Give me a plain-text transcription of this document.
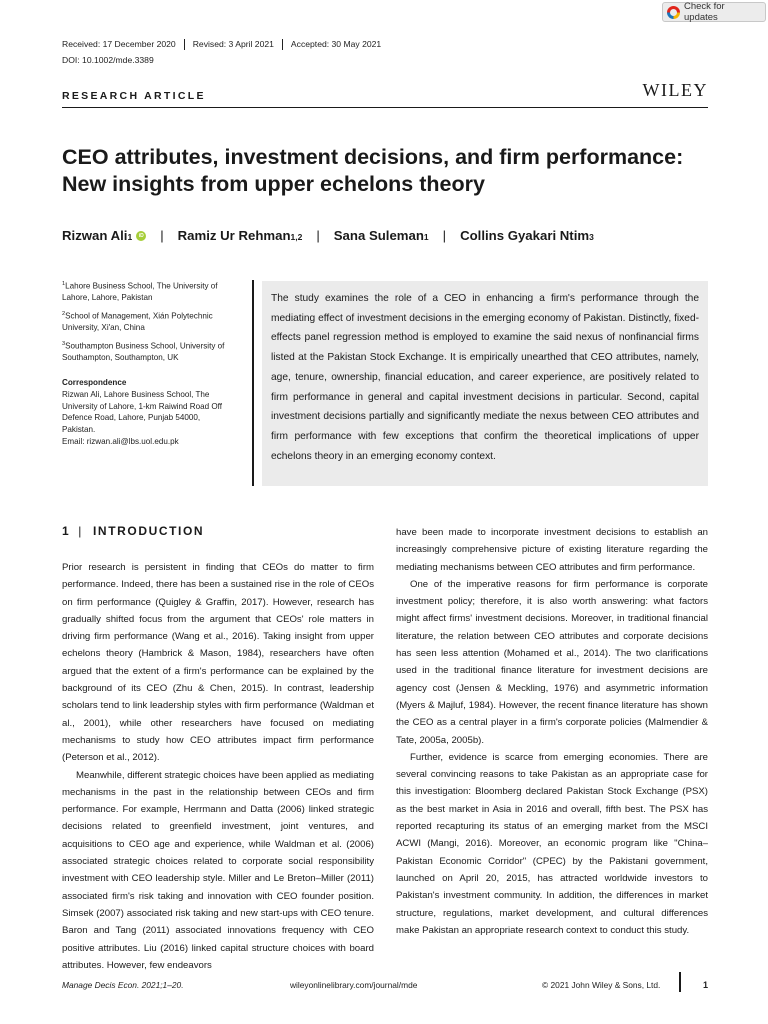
Check for updates
Received: 17 December 2020	Revised: 3 April 2021	Accepted: 30 May 2021
DOI: 10.1002/mde.3389
RESEARCH ARTICLE	WILEY
CEO attributes, investment decisions, and firm performance:
New insights from upper echelons theory
Rizwan Ali 1
iD | Ramiz Ur Rehman 1,2 | Sana Suleman 1 | Collins Gyakari Ntim 3
$^1$Lahore Business School, The University of Lahore, Lahore, Pakistan
$^2$School of Management, Xián Polytechnic University, Xi'an, China
$^3$Southampton Business School, University of Southampton, Southampton, UK
Correspondence
Rizwan Ali, Lahore Business School, The
University of Lahore, 1-km Raiwind Road Off
Defence Road, Lahore, Punjab 54000,
Pakistan.
Email: rizwan.ali@lbs.uol.edu.pk
The study examines the role of a CEO in enhancing a firm's performance through the mediating effect of investment decisions in the emerging economy of Pakistan. Distinctly, fixed-effects panel regression method is employed to examine the said nexus of nonfinancial firms listed at the Pakistan Stock Exchange. It is empirically unearthed that CEO attributes, namely, age, tenure, ownership, financial education, and career experience, are positively related to firm performance in general and capital investment decisions in particular. Second, capital investment decisions partially and significantly mediate the nexus between CEO attributes and firm performance with few exceptions that confirm the theoretical implications of upper echelons theory in an emerging economy context.
1 | INTRODUCTION

Prior research is persistent in finding that CEOs do matter to firm performance. Indeed, there has been a sustained rise in the role of CEOs on firm performance (Quigley & Graffin, 2017). However, research has gradually shifted focus from the argument that CEOs' role matters in driving firm performance (Wang et al., 2016). Taking insight from upper echelons theory (Hambrick & Mason, 1984), researchers have often argued that the extent of a firm's performance can be explained by the background of its CEO (Zhu & Chen, 2015). In contrast, leadership scholars tend to link leadership styles with firm performance (Waldman et al., 2001), while other researchers have focused on mediating mechanisms to study how CEO attributes impact firm performance (Peterson et al., 2012).

Meanwhile, different strategic choices have been applied as mediating mechanisms in the past in the relationship between CEOs and firm performance. For example, Herrmann and Datta (2006) linked strategic decisions related to greenfield investment, joint ventures, and acquisitions to CEO age and experience, while Waldman et al. (2006) associated strategic choices related to corporate social responsibility investment with CEO leadership style. Miller and Le Breton–Miller (2011) associated firm's risk taking and innovation with CEO founder position. Simsek (2007) associated risk taking and new start-ups with CEO tenure. Baron and Tang (2011) associated innovations frequency with CEO positive attributes. Liu (2016) linked capital structure choices with board attributes. However, few endeavors

have been made to incorporate investment decisions to establish an increasingly comprehensive picture of existing literature regarding the mediating mechanisms between CEO attributes and firm performance.

One of the imperative reasons for firm performance is corporate investment policy; therefore, it is also worth answering: what factors might affect firms' investment decisions. Moreover, in traditional financial literature, the relation between CEO attributes and corporate decisions has seen less attention (Mohamed et al., 2014). The two clarifications used in the traditional finance literature for investment decisions are agency cost (Jensen & Meckling, 1976) and asymmetric information (Myers & Majluf, 1984). However, the recent finance literature has shown the CEO as a central player in a firm's corporate policies (Malmendier & Tate, 2005a, 2005b).

Further, evidence is scarce from emerging economies. There are several convincing reasons to take Pakistan as an appropriate case for this investigation: Bloomberg declared Pakistan Stock Exchange (PSX) as the best market in Asia in 2016 and overall, fifth best. The PSX has reported recapturing its status of an emerging market from the MSCI ACWI (Mangi, 2016). Moreover, an economic program like "China–Pakistan Economic Corridor" (CPEC) by the Pakistani government, launched on April 20, 2015, has attracted worldwide investors to Pakistan's investment community. In addition, the differences in market structure, regulations, market development, and cultural differences make Pakistan an appropriate research context to conduct this study.

Manage Decis Econ. 2021;1–20.	wileyonlinelibrary.com/journal/mde	© 2021 John Wiley & Sons, Ltd.	1
